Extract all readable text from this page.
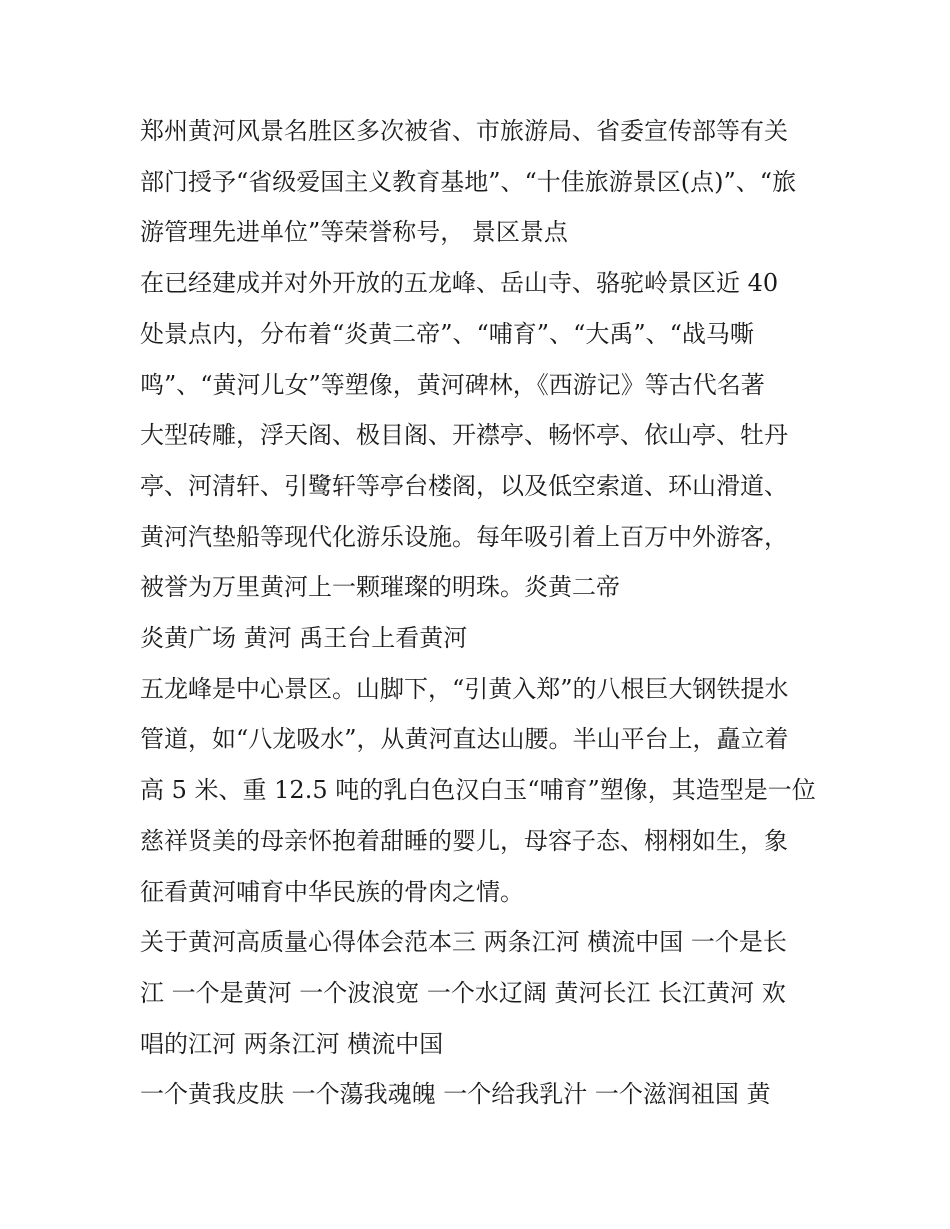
郑州黄河风景名胜区多次被省、市旅游局、省委宣传部等有关
部门授予“省级爱国主义教育基地”、“十佳旅游景区(点)”、“旅
游管理先进单位”等荣誉称号， 景区景点

在已经建成并对外开放的五龙峰、岳山寺、骆驼岭景区近 40
处景点内，分布着“炎黄二帝”、“哺育”、“大禹”、“战马嘶
鸣”、“黄河儿女”等塑像，黄河碑林，《西游记》等古代名著
大型砖雕，浮天阁、极目阁、开襟亭、畅怀亭、依山亭、牡丹
亭、河清轩、引鹭轩等亭台楼阁，以及低空索道、环山滑道、
黄河汽垫船等现代化游乐设施。每年吸引着上百万中外游客，
被誉为万里黄河上一颗璀璨的明珠。炎黄二帝

炎黄广场 黄河 禹王台上看黄河

五龙峰是中心景区。山脚下，“引黄入郑”的八根巨大钢铁提水
管道，如“八龙吸水”，从黄河直达山腰。半山平台上，矗立着
高 5 米、重 12.5 吨的乳白色汉白玉“哺育”塑像，其造型是一位
慈祥贤美的母亲怀抱着甜睡的婴儿，母容子态、栩栩如生，象
征看黄河哺育中华民族的骨肉之情。

关于黄河高质量心得体会范本三 两条江河 横流中国 一个是长
江 一个是黄河 一个波浪宽 一个水辽阔 黄河长江 长江黄河 欢
唱的江河 两条江河 横流中国

一个黄我皮肤 一个蕩我魂魄 一个给我乳汁 一个滋润祖国 黄
